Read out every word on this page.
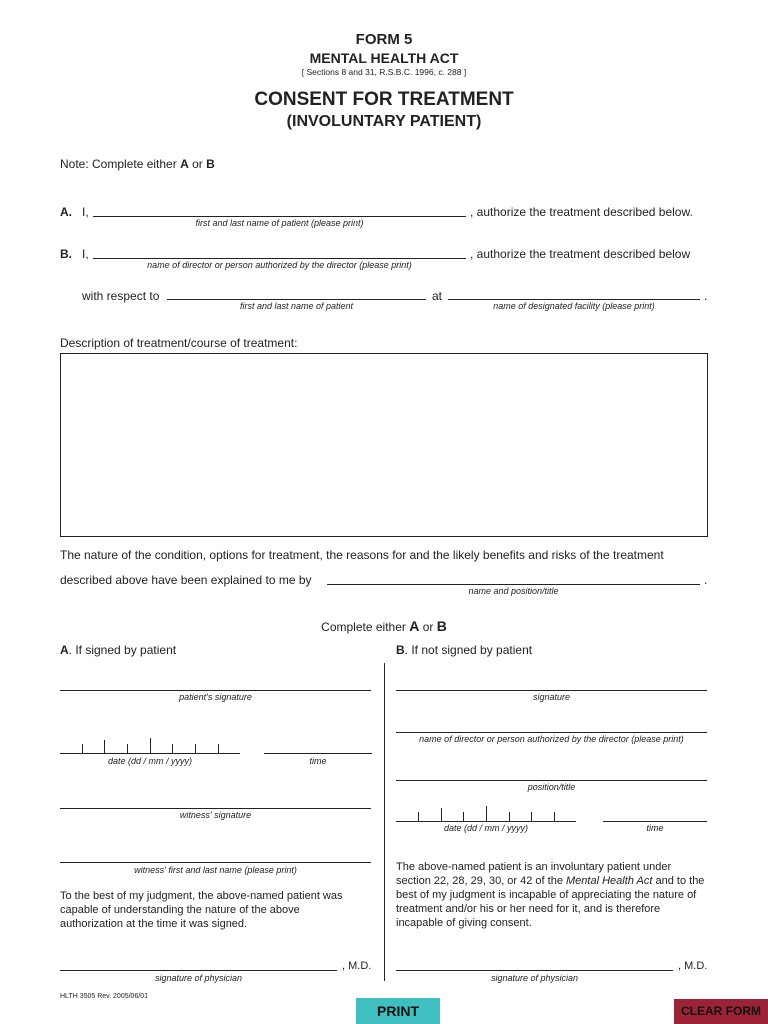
FORM 5
MENTAL HEALTH ACT
[ Sections 8 and 31, R.S.B.C. 1996, c. 288 ]
CONSENT FOR TREATMENT
(INVOLUNTARY PATIENT)
Note: Complete either A or B
A. I,	, authorize the treatment described below.
first and last name of patient (please print)
B. I,	, authorize the treatment described below
name of director or person authorized by the director (please print)
with respect to
first and last name of patient
at
name of designated facility (please print)
.
Description of treatment/course of treatment:
The nature of the condition, options for treatment, the reasons for and the likely benefits and risks of the treatment
described above have been explained to me by
name and position/title
.
Complete either A or B
A. If signed by patient
patient's signature
date (dd / mm / yyyy)	time
witness' signature
witness' first and last name (please print)
To the best of my judgment, the above-named patient was capable of understanding the nature of the above authorization at the time it was signed.
, M.D.
signature of physician
B. If not signed by patient
signature
name of director or person authorized by the director (please print)
position/title
date (dd / mm / yyyy)	time
The above-named patient is an involuntary patient under section 22, 28, 29, 30, or 42 of the Mental Health Act and to the best of my judgment is incapable of appreciating the nature of treatment and/or his or her need for it, and is therefore incapable of giving consent.
, M.D.
signature of physician
HLTH 3505 Rev. 2005/06/01
PRINT	CLEAR FORM
